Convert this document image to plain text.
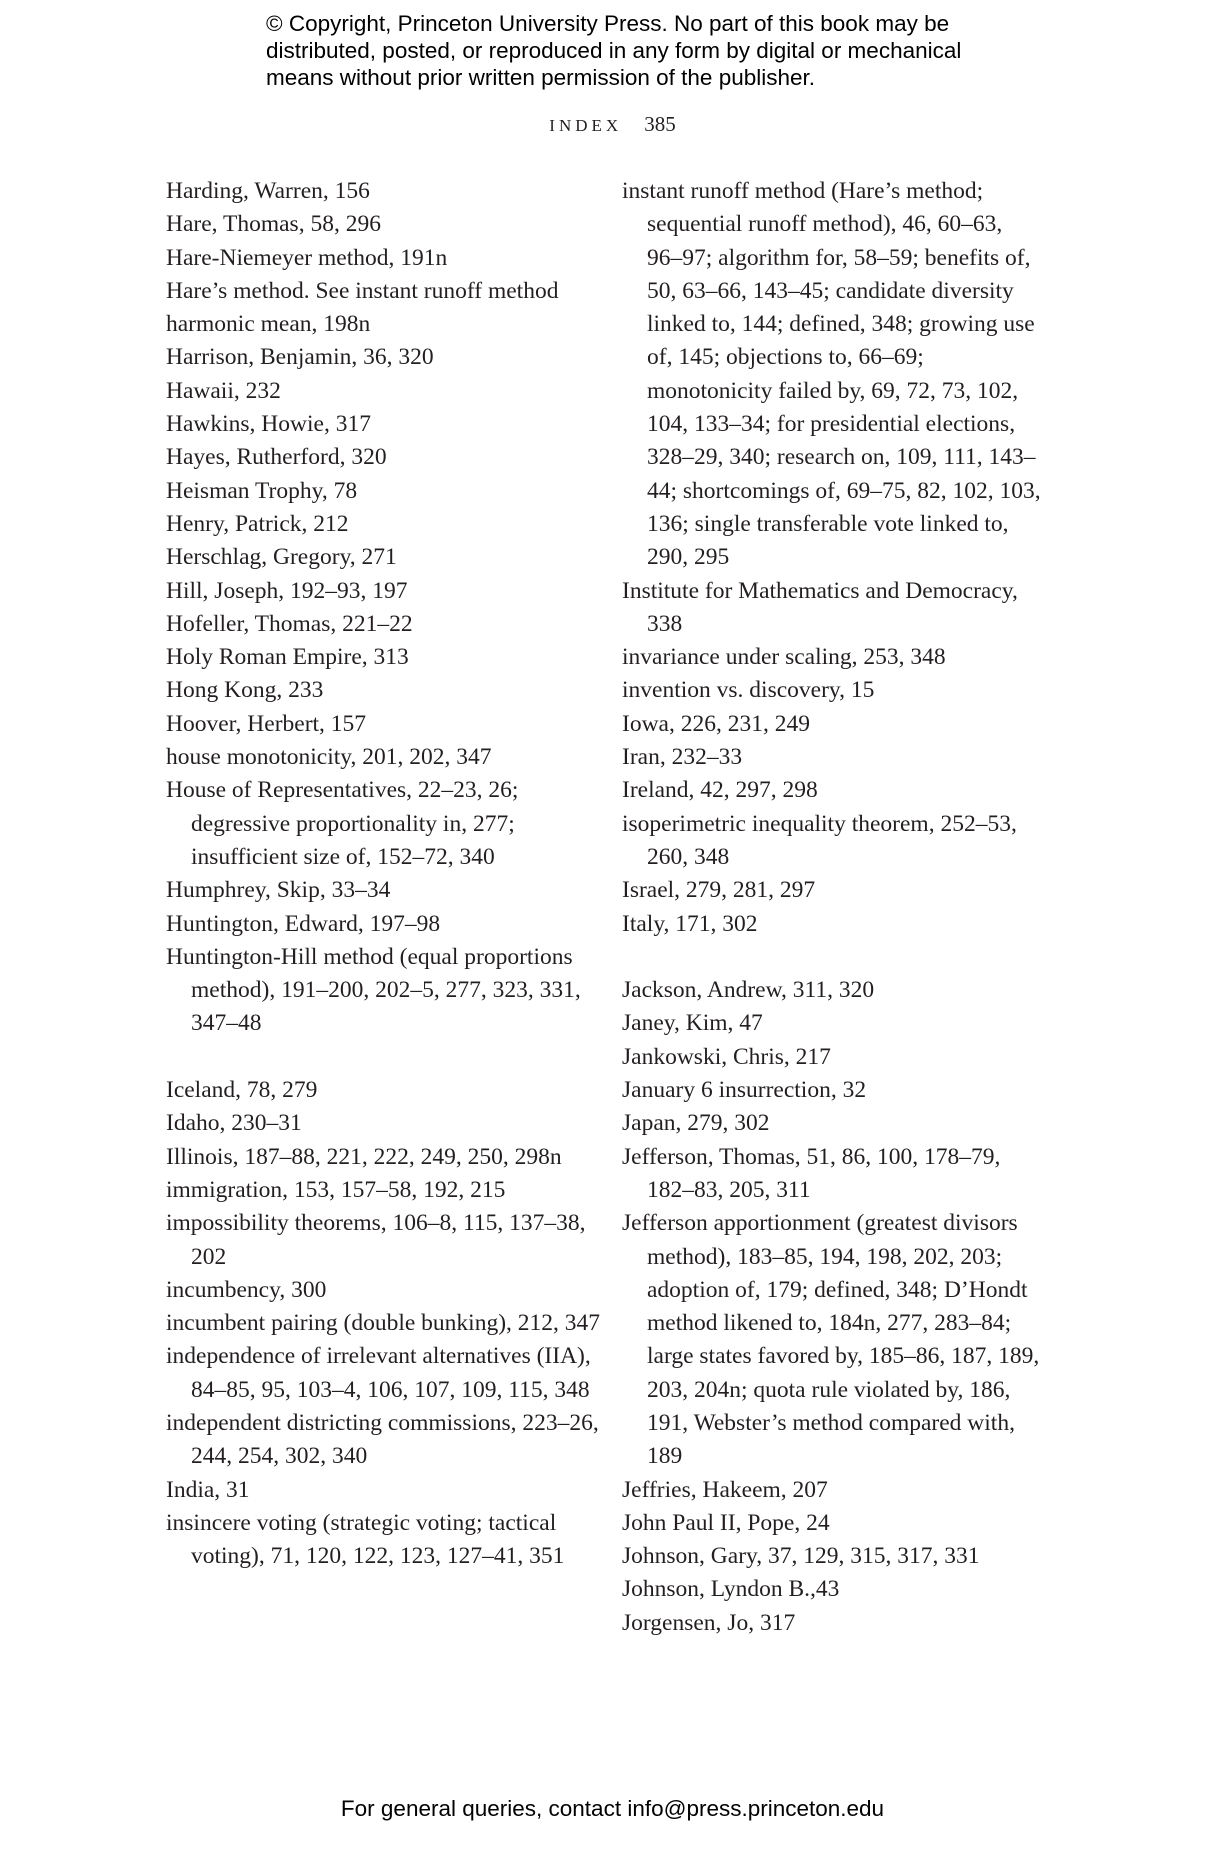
© Copyright, Princeton University Press. No part of this book may be distributed, posted, or reproduced in any form by digital or mechanical means without prior written permission of the publisher.
INDEX 385
Harding, Warren, 156
Hare, Thomas, 58, 296
Hare-Niemeyer method, 191n
Hare’s method. See instant runoff method
harmonic mean, 198n
Harrison, Benjamin, 36, 320
Hawaii, 232
Hawkins, Howie, 317
Hayes, Rutherford, 320
Heisman Trophy, 78
Henry, Patrick, 212
Herschlag, Gregory, 271
Hill, Joseph, 192–93, 197
Hofeller, Thomas, 221–22
Holy Roman Empire, 313
Hong Kong, 233
Hoover, Herbert, 157
house monotonicity, 201, 202, 347
House of Representatives, 22–23, 26; degressive proportionality in, 277; insufficient size of, 152–72, 340
Humphrey, Skip, 33–34
Huntington, Edward, 197–98
Huntington-Hill method (equal proportions method), 191–200, 202–5, 277, 323, 331, 347–48
Iceland, 78, 279
Idaho, 230–31
Illinois, 187–88, 221, 222, 249, 250, 298n
immigration, 153, 157–58, 192, 215
impossibility theorems, 106–8, 115, 137–38, 202
incumbency, 300
incumbent pairing (double bunking), 212, 347
independence of irrelevant alternatives (IIA), 84–85, 95, 103–4, 106, 107, 109, 115, 348
independent districting commissions, 223–26, 244, 254, 302, 340
India, 31
insincere voting (strategic voting; tactical voting), 71, 120, 122, 123, 127–41, 351
instant runoff method (Hare’s method; sequential runoff method), 46, 60–63, 96–97; algorithm for, 58–59; benefits of, 50, 63–66, 143–45; candidate diversity linked to, 144; defined, 348; growing use of, 145; objections to, 66–69; monotonicity failed by, 69, 72, 73, 102, 104, 133–34; for presidential elections, 328–29, 340; research on, 109, 111, 143–44; shortcomings of, 69–75, 82, 102, 103, 136; single transferable vote linked to, 290, 295
Institute for Mathematics and Democracy, 338
invariance under scaling, 253, 348
invention vs. discovery, 15
Iowa, 226, 231, 249
Iran, 232–33
Ireland, 42, 297, 298
isoperimetric inequality theorem, 252–53, 260, 348
Israel, 279, 281, 297
Italy, 171, 302
Jackson, Andrew, 311, 320
Janey, Kim, 47
Jankowski, Chris, 217
January 6 insurrection, 32
Japan, 279, 302
Jefferson, Thomas, 51, 86, 100, 178–79, 182–83, 205, 311
Jefferson apportionment (greatest divisors method), 183–85, 194, 198, 202, 203; adoption of, 179; defined, 348; D’Hondt method likened to, 184n, 277, 283–84; large states favored by, 185–86, 187, 189, 203, 204n; quota rule violated by, 186, 191, Webster’s method compared with, 189
Jeffries, Hakeem, 207
John Paul II, Pope, 24
Johnson, Gary, 37, 129, 315, 317, 331
Johnson, Lyndon B.,43
Jorgensen, Jo, 317
For general queries, contact info@press.princeton.edu
